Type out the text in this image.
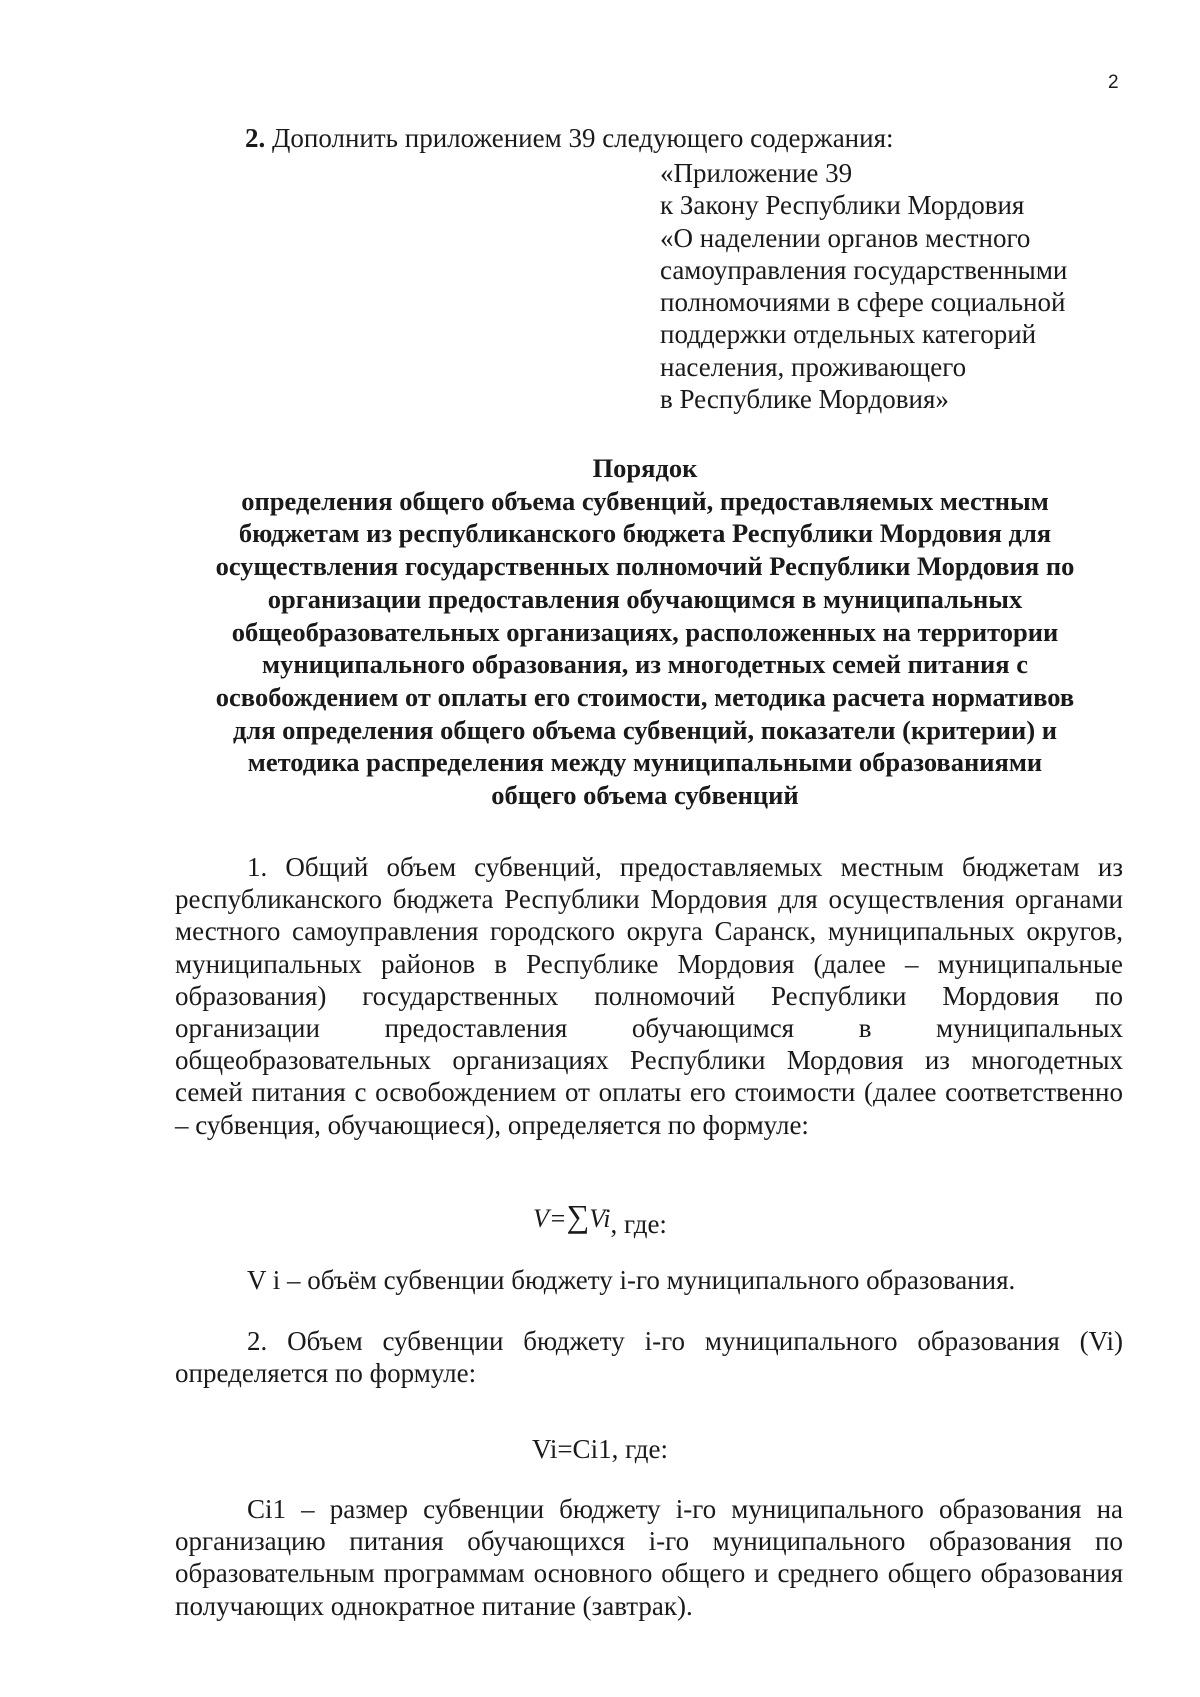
2
2. Дополнить приложением 39 следующего содержания:
«Приложение 39
к Закону Республики Мордовия
«О наделении органов местного
самоуправления государственными
полномочиями в сфере социальной
поддержки отдельных категорий
населения, проживающего
в Республике Мордовия»
Порядок
определения общего объема субвенций, предоставляемых местным
бюджетам из республиканского бюджета Республики Мордовия для
осуществления государственных полномочий Республики Мордовия по
организации предоставления обучающимся в муниципальных
общеобразовательных организациях, расположенных на территории
муниципального образования, из многодетных семей питания с
освобождением от оплаты его стоимости, методика расчета нормативов
для определения общего объема субвенций, показатели (критерии) и
методика распределения между муниципальными образованиями
общего объема субвенций
1. Общий объем субвенций, предоставляемых местным бюджетам из республиканского бюджета Республики Мордовия для осуществления органами местного самоуправления городского округа Саранск, муниципальных округов, муниципальных районов в Республике Мордовия (далее – муниципальные образования) государственных полномочий Республики Мордовия по организации предоставления обучающимся в муниципальных общеобразовательных организациях Республики Мордовия из многодетных семей питания с освобождением от оплаты его стоимости (далее соответственно – субвенция, обучающиеся), определяется по формуле:
V=∑Vi, где:
V i – объём субвенции бюджету i-го муниципального образования.
2. Объем субвенции бюджету i-го муниципального образования (Vi) определяется по формуле:
Vi=Ci1, где:
Ci1 – размер субвенции бюджету i-го муниципального образования на организацию питания обучающихся i-го муниципального образования по образовательным программам основного общего и среднего общего образования получающих однократное питание (завтрак).
